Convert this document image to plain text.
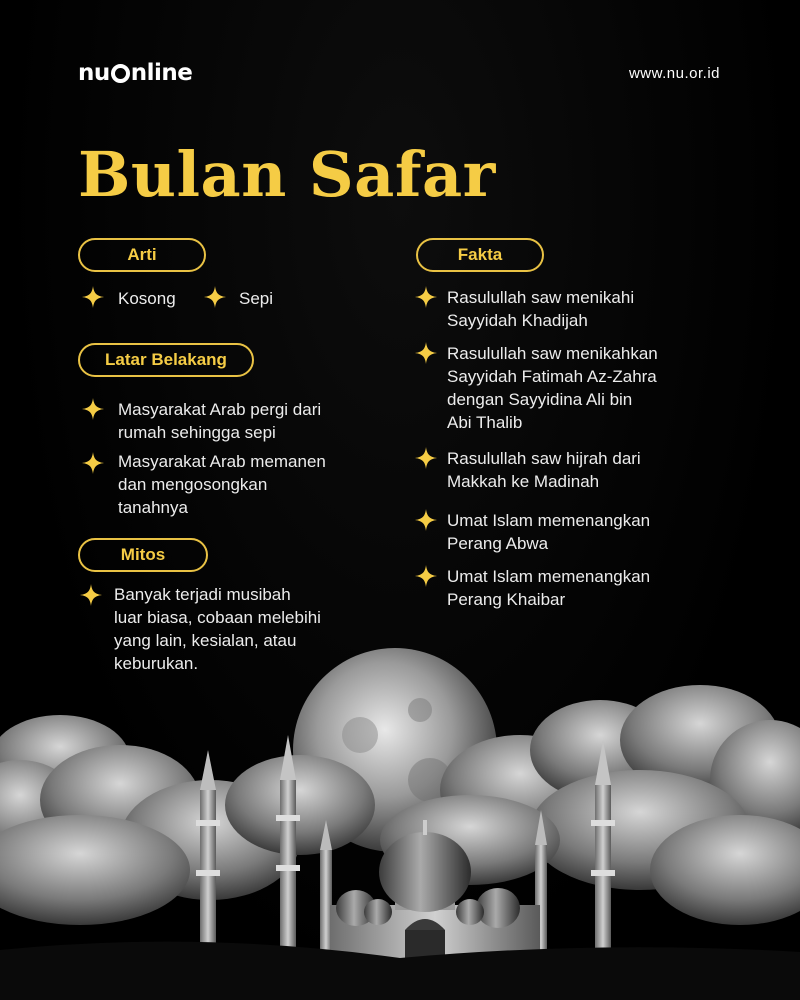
nu nline	www.nu.or.id
Bulan Safar
Arti	Fakta
Latar Belakang
Mitos
Kosong	Sepi
Masyarakat Arab pergi dari
rumah sehingga sepi
Masyarakat Arab memanen
dan mengosongkan
tanahnya
Banyak terjadi musibah
luar biasa, cobaan melebihi
yang lain, kesialan, atau
keburukan.
Rasulullah saw menikahi
Sayyidah Khadijah
Rasulullah saw menikahkan
Sayyidah Fatimah Az-Zahra
dengan Sayyidina Ali bin
Abi Thalib
Rasulullah saw hijrah dari
Makkah ke Madinah
Umat Islam memenangkan
Perang Abwa
Umat Islam memenangkan
Perang Khaibar
